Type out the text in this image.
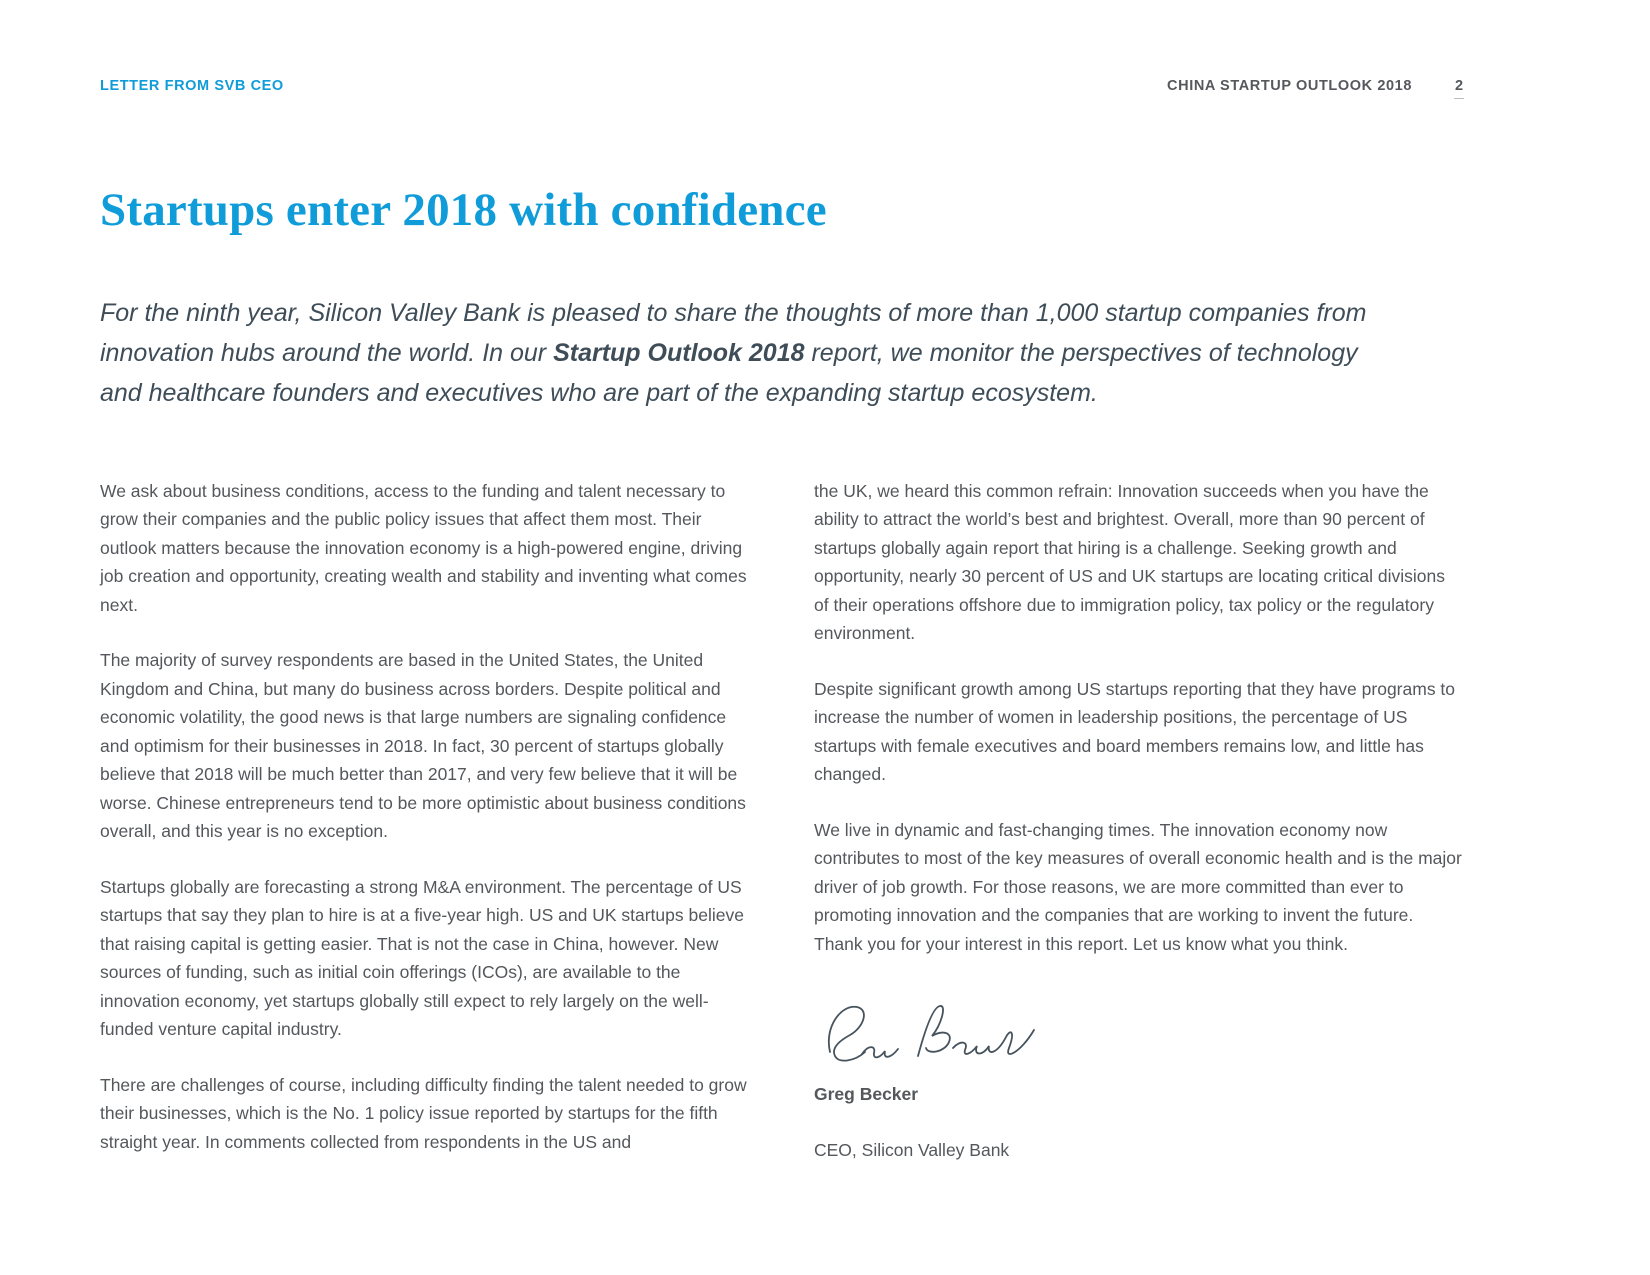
LETTER FROM SVB CEO	CHINA STARTUP OUTLOOK 2018	2
Startups enter 2018 with confidence

For the ninth year, Silicon Valley Bank is pleased to share the thoughts of more than 1,000 startup companies from innovation hubs around the world. In our Startup Outlook 2018 report, we monitor the perspectives of technology and healthcare founders and executives who are part of the expanding startup ecosystem.

We ask about business conditions, access to the funding and talent necessary to grow their companies and the public policy issues that affect them most. Their outlook matters because the innovation economy is a high-powered engine, driving job creation and opportunity, creating wealth and stability and inventing what comes next.

The majority of survey respondents are based in the United States, the United Kingdom and China, but many do business across borders. Despite political and economic volatility, the good news is that large numbers are signaling confidence and optimism for their businesses in 2018. In fact, 30 percent of startups globally believe that 2018 will be much better than 2017, and very few believe that it will be worse. Chinese entrepreneurs tend to be more optimistic about business conditions overall, and this year is no exception.

Startups globally are forecasting a strong M&A environment. The percentage of US startups that say they plan to hire is at a five-year high. US and UK startups believe that raising capital is getting easier. That is not the case in China, however. New sources of funding, such as initial coin offerings (ICOs), are available to the innovation economy, yet startups globally still expect to rely largely on the well-funded venture capital industry.

There are challenges of course, including difficulty finding the talent needed to grow their businesses, which is the No. 1 policy issue reported by startups for the fifth straight year. In comments collected from respondents in the US and

the UK, we heard this common refrain: Innovation succeeds when you have the ability to attract the world’s best and brightest. Overall, more than 90 percent of startups globally again report that hiring is a challenge. Seeking growth and opportunity, nearly 30 percent of US and UK startups are locating critical divisions of their operations offshore due to immigration policy, tax policy or the regulatory environment.

Despite significant growth among US startups reporting that they have programs to increase the number of women in leadership positions, the percentage of US startups with female executives and board members remains low, and little has changed.

We live in dynamic and fast-changing times. The innovation economy now contributes to most of the key measures of overall economic health and is the major driver of job growth. For those reasons, we are more committed than ever to promoting innovation and the companies that are working to invent the future. Thank you for your interest in this report. Let us know what you think.

Greg Becker

CEO, Silicon Valley Bank
